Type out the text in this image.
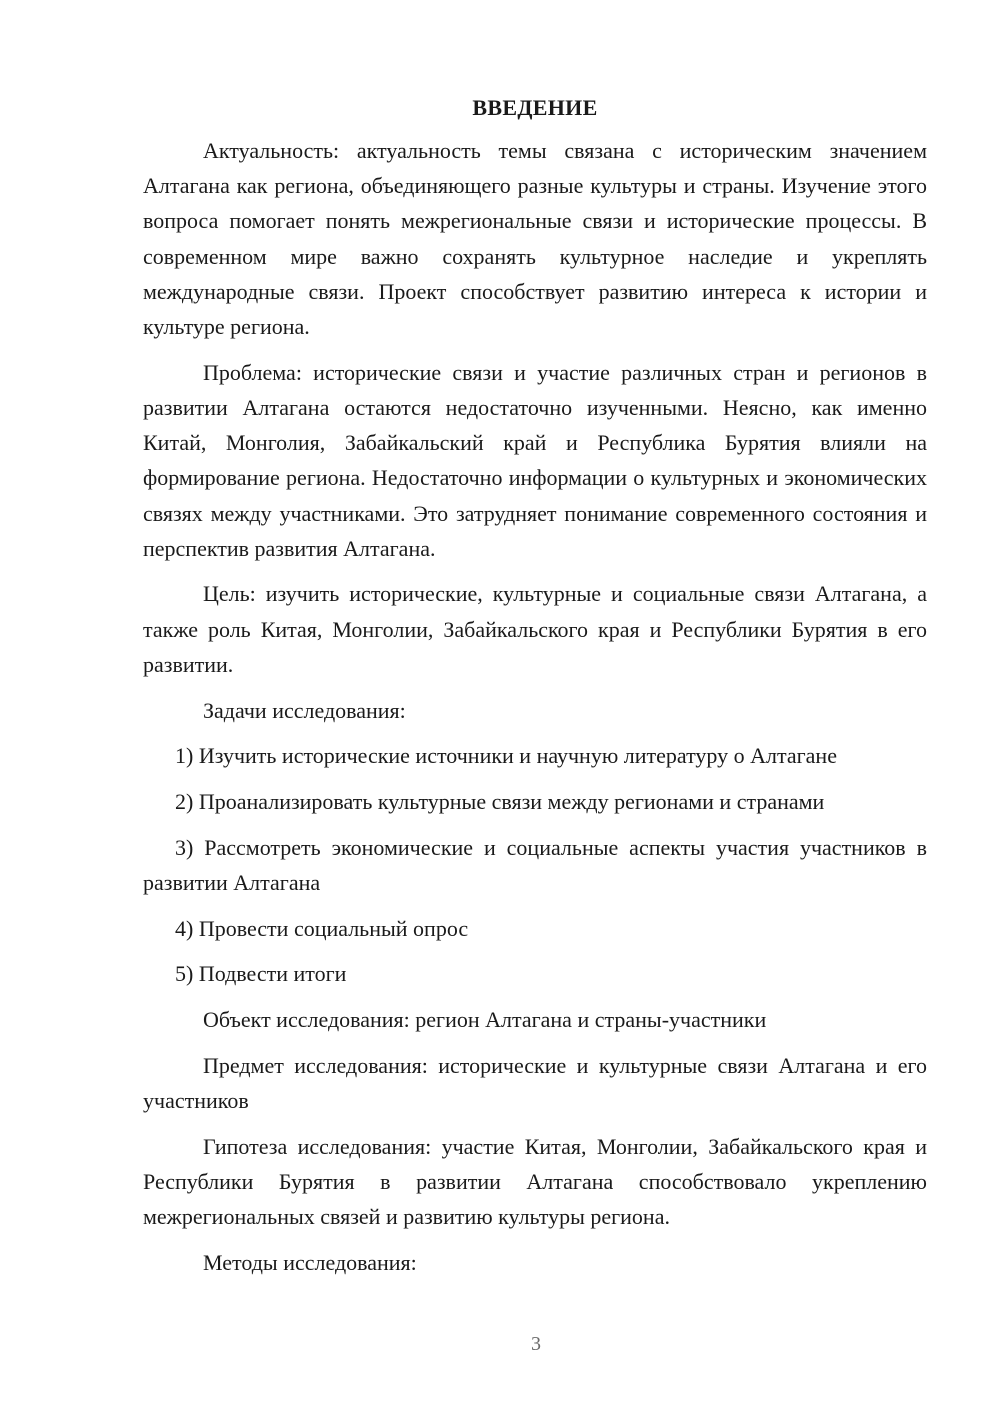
ВВЕДЕНИЕ

Актуальность: актуальность темы связана с историческим значением Алтагана как региона, объединяющего разные культуры и страны. Изучение этого вопроса помогает понять межрегиональные связи и исторические процессы. В современном мире важно сохранять культурное наследие и укреплять международные связи. Проект способствует развитию интереса к истории и культуре региона.

Проблема: исторические связи и участие различных стран и регионов в развитии Алтагана остаются недостаточно изученными. Неясно, как именно Китай, Монголия, Забайкальский край и Республика Бурятия влияли на формирование региона. Недостаточно информации о культурных и экономических связях между участниками. Это затрудняет понимание современного состояния и перспектив развития Алтагана.

Цель: изучить исторические, культурные и социальные связи Алтагана, а также роль Китая, Монголии, Забайкальского края и Республики Бурятия в его развитии.

Задачи исследования:

1) Изучить исторические источники и научную литературу о Алтагане

2) Проанализировать культурные связи между регионами и странами

3) Рассмотреть экономические и социальные аспекты участия участников в развитии Алтагана

4) Провести социальный опрос

5) Подвести итоги

Объект исследования: регион Алтагана и страны-участники

Предмет исследования: исторические и культурные связи Алтагана и его участников

Гипотеза исследования: участие Китая, Монголии, Забайкальского края и Республики Бурятия в развитии Алтагана способствовало укреплению межрегиональных связей и развитию культуры региона.

Методы исследования:

3
